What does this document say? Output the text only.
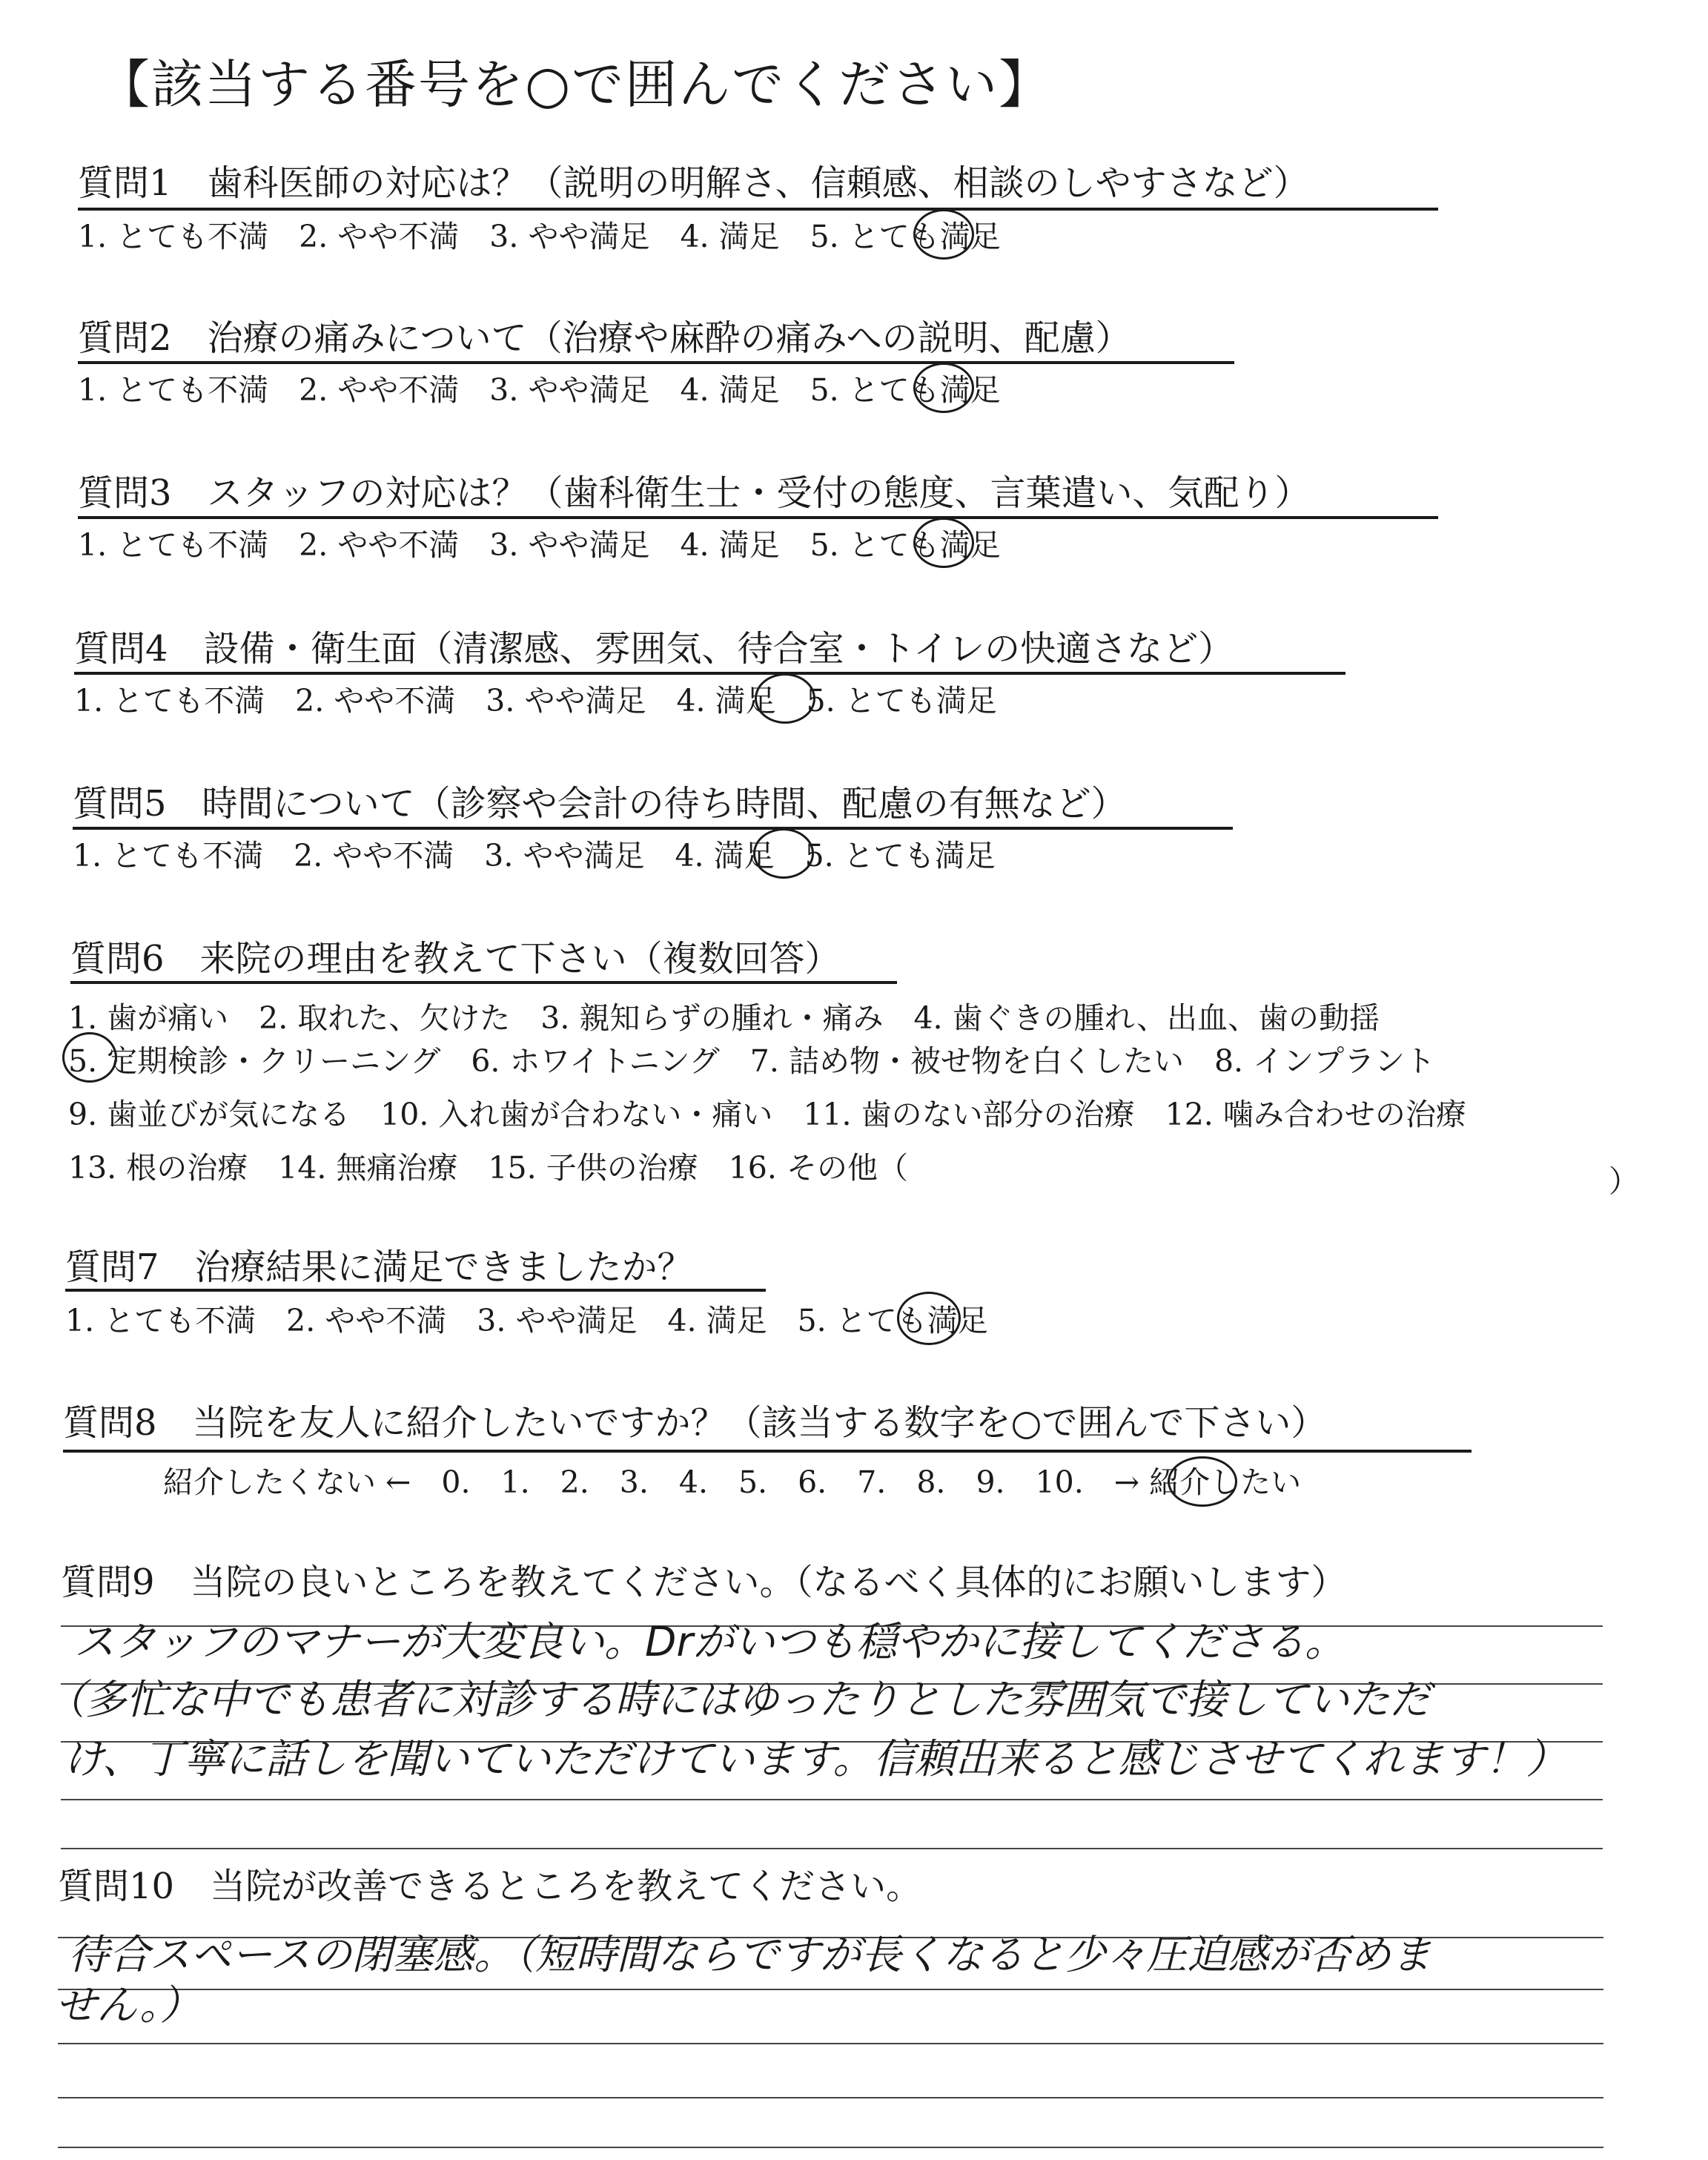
【該当する番号を○で囲んでください】
質問1　歯科医師の対応は？（説明の明解さ、信頼感、相談のしやすさなど）
1. とても不満　2. やや不満　3. やや満足　4. 満足　5. とても満足
質問2　治療の痛みについて（治療や麻酔の痛みへの説明、配慮）
1. とても不満　2. やや不満　3. やや満足　4. 満足　5. とても満足
質問3　スタッフの対応は？（歯科衛生士・受付の態度、言葉遣い、気配り）
1. とても不満　2. やや不満　3. やや満足　4. 満足　5. とても満足
質問4　設備・衛生面（清潔感、雰囲気、待合室・トイレの快適さなど）
1. とても不満　2. やや不満　3. やや満足　4. 満足　5. とても満足
質問5　時間について（診察や会計の待ち時間、配慮の有無など）
1. とても不満　2. やや不満　3. やや満足　4. 満足　5. とても満足
質問6　来院の理由を教えて下さい（複数回答）
1. 歯が痛い　2. 取れた、欠けた　3. 親知らずの腫れ・痛み　4. 歯ぐきの腫れ、出血、歯の動揺
5. 定期検診・クリーニング　6. ホワイトニング　7. 詰め物・被せ物を白くしたい　8. インプラント
9. 歯並びが気になる　10. 入れ歯が合わない・痛い　11. 歯のない部分の治療　12. 噛み合わせの治療
13. 根の治療　14. 無痛治療　15. 子供の治療　16. その他（	）
質問7　治療結果に満足できましたか？
1. とても不満　2. やや不満　3. やや満足　4. 満足　5. とても満足
質問8　当院を友人に紹介したいですか？（該当する数字を○で囲んで下さい）
紹介したくない ←　0.　1.　2.　3.　4.　5.　6.　7.　8.　9.　10.　→ 紹介したい
質問9　当院の良いところを教えてください。（なるべく具体的にお願いします）
スタッフのマナーが大変良い。Drがいつも穏やかに接してくださる。
（多忙な中でも患者に対診する時にはゆったりとした雰囲気で接していただ
け、丁寧に話しを聞いていただけています。信頼出来ると感じさせてくれます！）
質問10　当院が改善できるところを教えてください。
待合スペースの閉塞感。（短時間ならですが長くなると少々圧迫感が否めま
せん。）
